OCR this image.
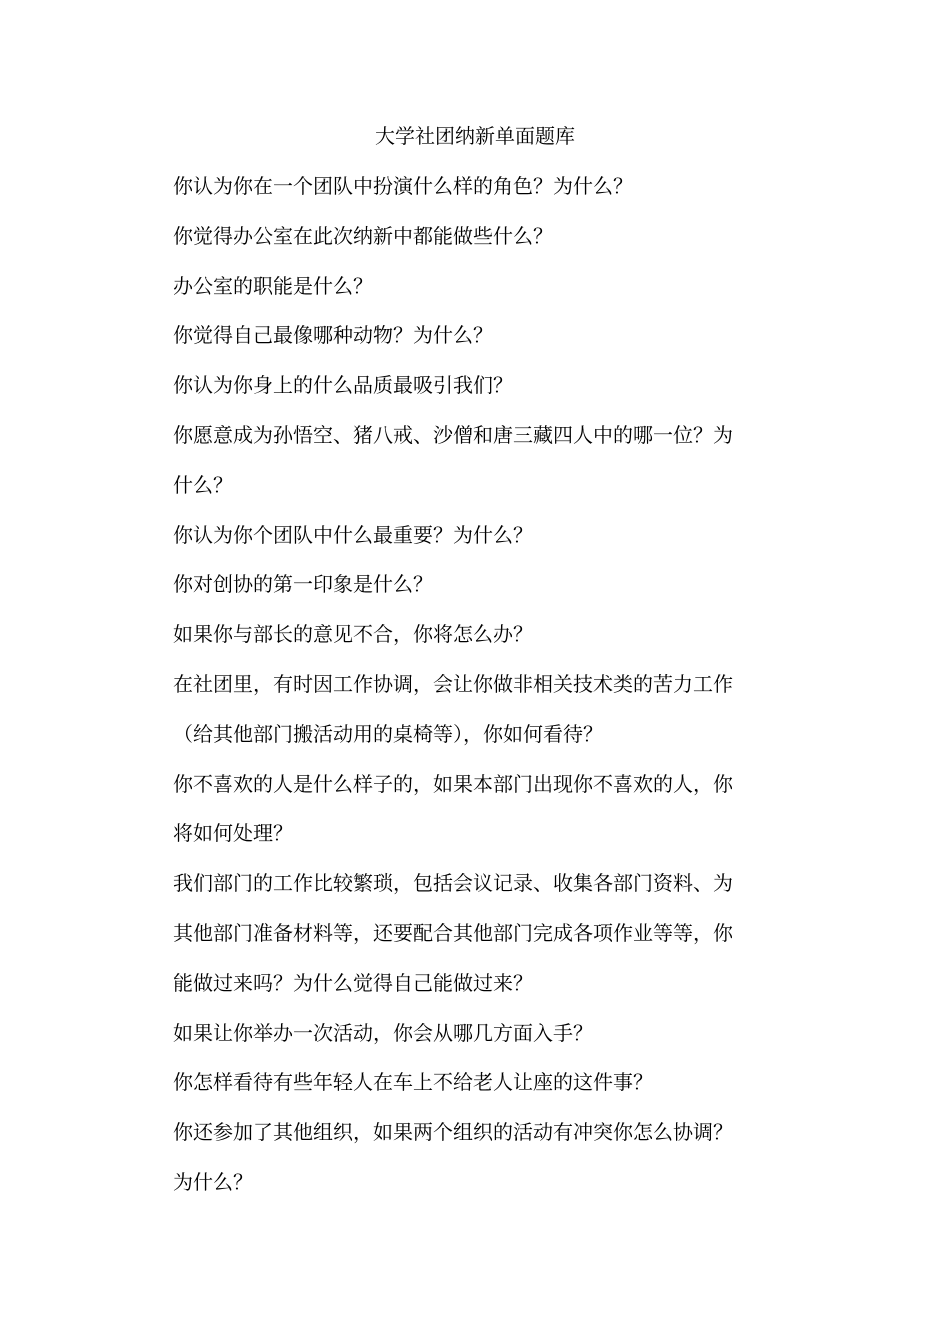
大学社团纳新单面题库
你认为你在一个团队中扮演什么样的角色？为什么？
你觉得办公室在此次纳新中都能做些什么？
办公室的职能是什么？
你觉得自己最像哪种动物？为什么？
你认为你身上的什么品质最吸引我们？
你愿意成为孙悟空、猪八戒、沙僧和唐三藏四人中的哪一位？为
什么？
你认为你个团队中什么最重要？为什么？
你对创协的第一印象是什么？
如果你与部长的意见不合，你将怎么办？
在社团里，有时因工作协调，会让你做非相关技术类的苦力工作
（给其他部门搬活动用的桌椅等），你如何看待？
你不喜欢的人是什么样子的，如果本部门出现你不喜欢的人，你
将如何处理？
我们部门的工作比较繁琐，包括会议记录、收集各部门资料、为
其他部门准备材料等，还要配合其他部门完成各项作业等等，你
能做过来吗？为什么觉得自己能做过来？
如果让你举办一次活动，你会从哪几方面入手？
你怎样看待有些年轻人在车上不给老人让座的这件事？
你还参加了其他组织，如果两个组织的活动有冲突你怎么协调？
为什么？
